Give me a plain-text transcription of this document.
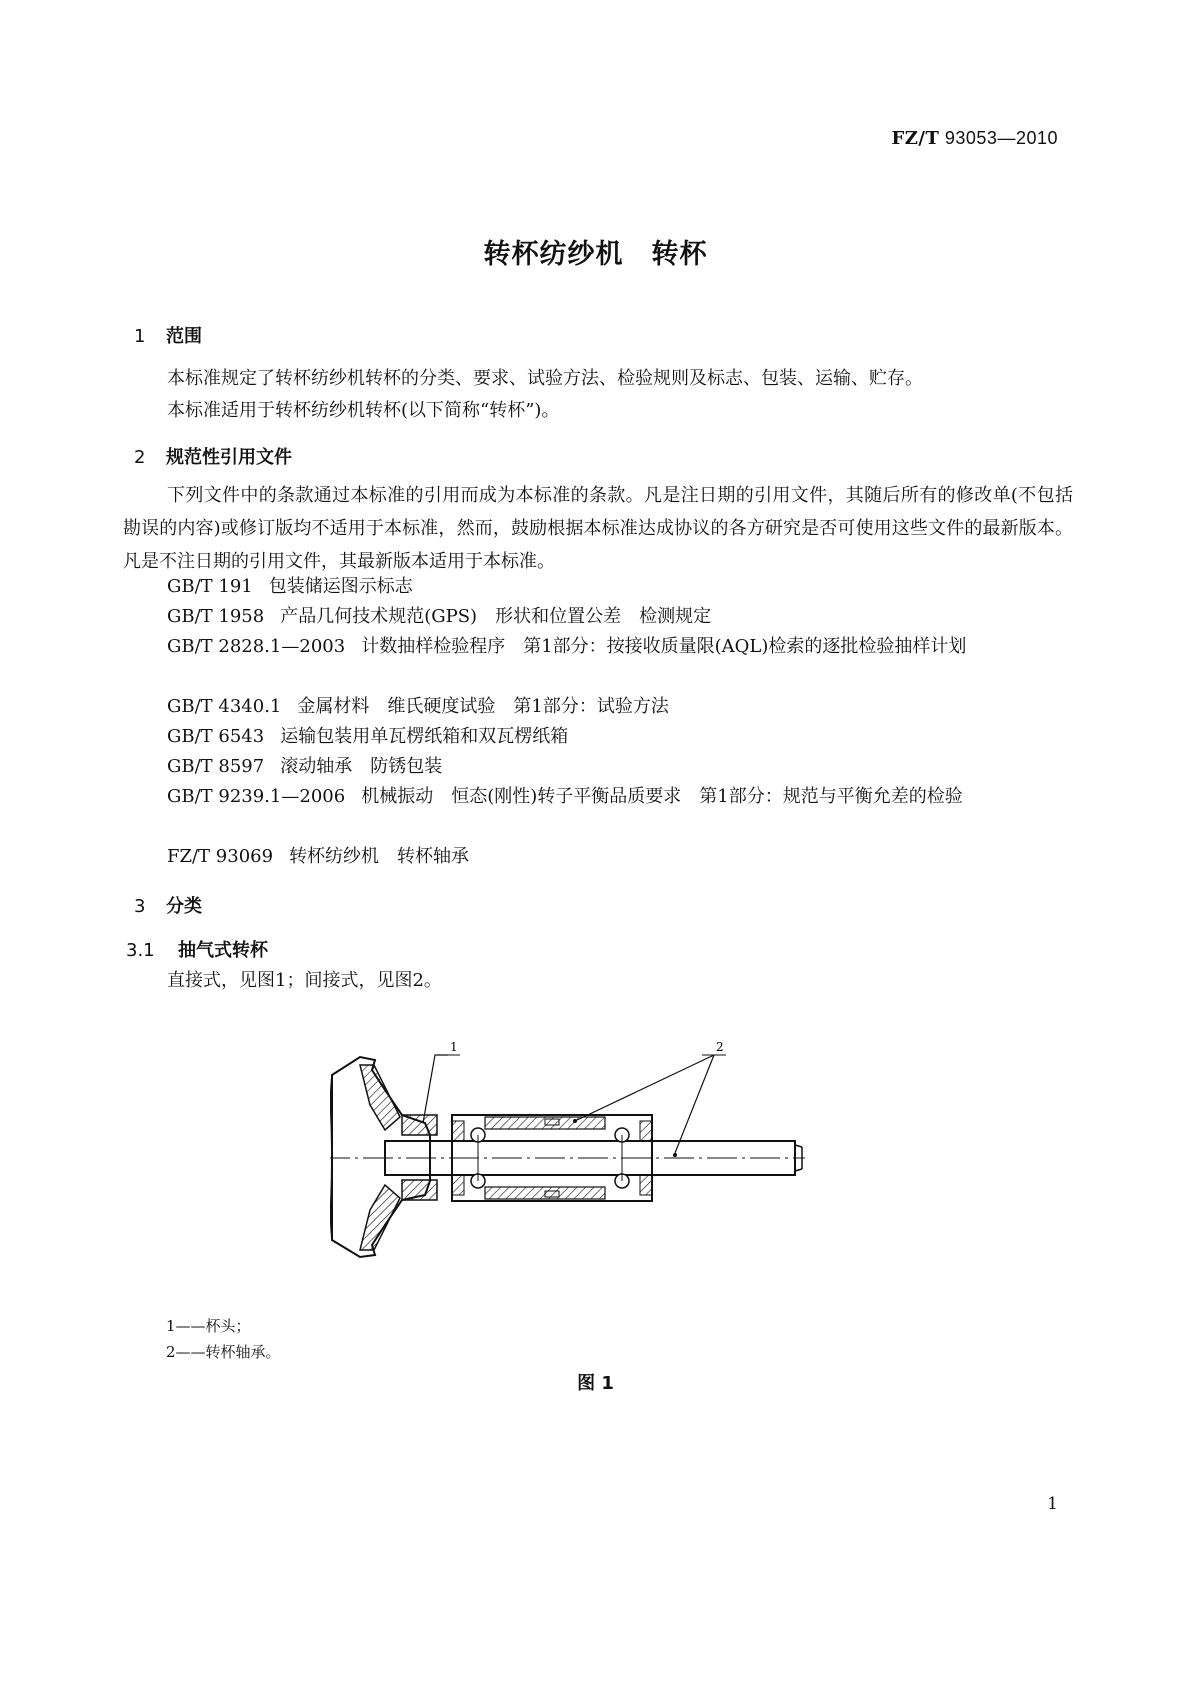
FZ/T 93053—2010
转杯纺纱机　转杯
1 范围
本标准规定了转杯纺纱机转杯的分类、要求、试验方法、检验规则及标志、包装、运输、贮存。
本标准适用于转杯纺纱机转杯(以下简称“转杯”)。
2 规范性引用文件

下列文件中的条款通过本标准的引用而成为本标准的条款。凡是注日期的引用文件，其随后所有的修改单(不包括勘误的内容)或修订版均不适用于本标准，然而，鼓励根据本标准达成协议的各方研究是否可使用这些文件的最新版本。凡是不注日期的引用文件，其最新版本适用于本标准。

GB/T 191 包装储运图示标志
GB/T 1958 产品几何技术规范(GPS)　形状和位置公差　检测规定
GB/T 2828.1—2003 计数抽样检验程序　第1部分：按接收质量限(AQL)检索的逐批检验抽样计划
GB/T 4340.1 金属材料　维氏硬度试验　第1部分：试验方法
GB/T 6543 运输包装用单瓦楞纸箱和双瓦楞纸箱
GB/T 8597 滚动轴承　防锈包装
GB/T 9239.1—2006 机械振动　恒态(刚性)转子平衡品质要求　第1部分：规范与平衡允差的检验
FZ/T 93069 转杯纺纱机　转杯轴承
3 分类
3.1 抽气式转杯
直接式，见图1；间接式，见图2。
1	2
1——杯头；
2——转杯轴承。
图 1
1
